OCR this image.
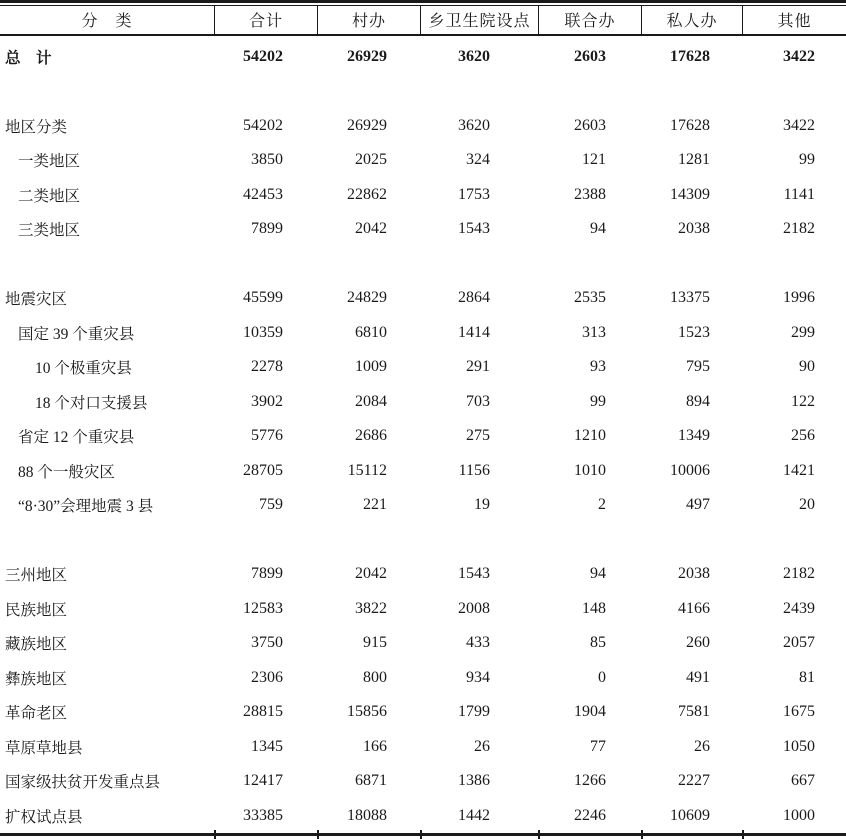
分　类	合计	村办	乡卫生院设点	联合办	私人办	其他
总　计	54202	26929	3620	2603	17628	3422
地区分类	54202	26929	3620	2603	17628	3422
一类地区	3850	2025	324	121	1281	99
二类地区	42453	22862	1753	2388	14309	1141
三类地区	7899	2042	1543	94	2038	2182
地震灾区	45599	24829	2864	2535	13375	1996
国定 39 个重灾县	10359	6810	1414	313	1523	299
10 个极重灾县	2278	1009	291	93	795	90
18 个对口支援县	3902	2084	703	99	894	122
省定 12 个重灾县	5776	2686	275	1210	1349	256
88 个一般灾区	28705	15112	1156	1010	10006	1421
“8·30”会理地震 3 县	759	221	19	2	497	20
三州地区	7899	2042	1543	94	2038	2182
民族地区	12583	3822	2008	148	4166	2439
藏族地区	3750	915	433	85	260	2057
彝族地区	2306	800	934	0	491	81
革命老区	28815	15856	1799	1904	7581	1675
草原草地县	1345	166	26	77	26	1050
国家级扶贫开发重点县	12417	6871	1386	1266	2227	667
扩权试点县	33385	18088	1442	2246	10609	1000
